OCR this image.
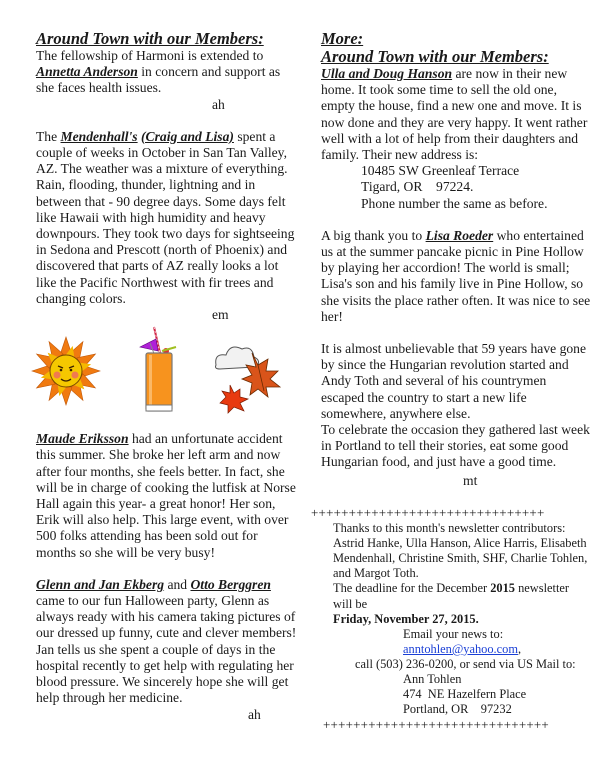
Around Town with our Members:

The fellowship of Harmoni is extended to
Annetta Anderson in concern and support as she faces health issues.

ah

The Mendenhall's (Craig and Lisa) spent a couple of weeks in October in San Tan Valley, AZ. The weather was a mixture of everything. Rain, flooding, thunder, lightning and in between that - 90 degree days. Some days felt like Hawaii with high humidity and heavy downpours. They took two days for sightseeing in Sedona and Prescott (north of Phoenix) and discovered that parts of AZ really looks a lot like the Pacific Northwest with fir trees and changing colors.

em

Maude Eriksson had an unfortunate accident this summer. She broke her left arm and now after four months, she feels better. In fact, she will be in charge of cooking the lutfisk at Norse Hall again this year- a great honor! Her son, Erik will also help. This large event, with over 500 folks attending has been sold out for months so she will be very busy!

Glenn and Jan Ekberg and Otto Berggren came to our fun Halloween party, Glenn as always ready with his camera taking pictures of our dressed up funny, cute and clever members! Jan tells us she spent a couple of days in the hospital recently to get help with regulating her blood pressure. We sincerely hope she will get help through her medicine.

ah
More:
Around Town with our Members:

Ulla and Doug Hanson are now in their new home. It took some time to sell the old one, empty the house, find a new one and move. It is now done and they are very happy. It went rather well with a lot of help from their daughters and family. Their new address is:

10485 SW Greenleaf Terrace
Tigard, OR    97224.
Phone number the same as before.

A big thank you to Lisa Roeder who entertained us at the summer pancake picnic in Pine Hollow by playing her accordion! The world is small; Lisa's son and his family live in Pine Hollow, so she visits the place rather often. It was nice to see her!

It is almost unbelievable that 59 years have gone by since the Hungarian revolution started and Andy Toth and several of his countrymen escaped the country to start a new life somewhere, anywhere else.
To celebrate the occasion they gathered last week in Portland to tell their stories, eat some good Hungarian food, and just have a good time.

mt
+++++++++++++++++++++++++++++++

Thanks to this month's newsletter contributors: Astrid Hanke, Ulla Hanson, Alice Harris, Elisabeth Mendenhall, Christine Smith, SHF, Charlie Tohlen, and Margot Toth.

The deadline for the December 2015 newsletter will be
Friday, November 27, 2015.

Email your news to:
anntohlen@yahoo.com,
call (503) 236-0200, or send via US Mail to:
Ann Tohlen
474  NE Hazelfern Place
Portland, OR    97232
++++++++++++++++++++++++++++++
